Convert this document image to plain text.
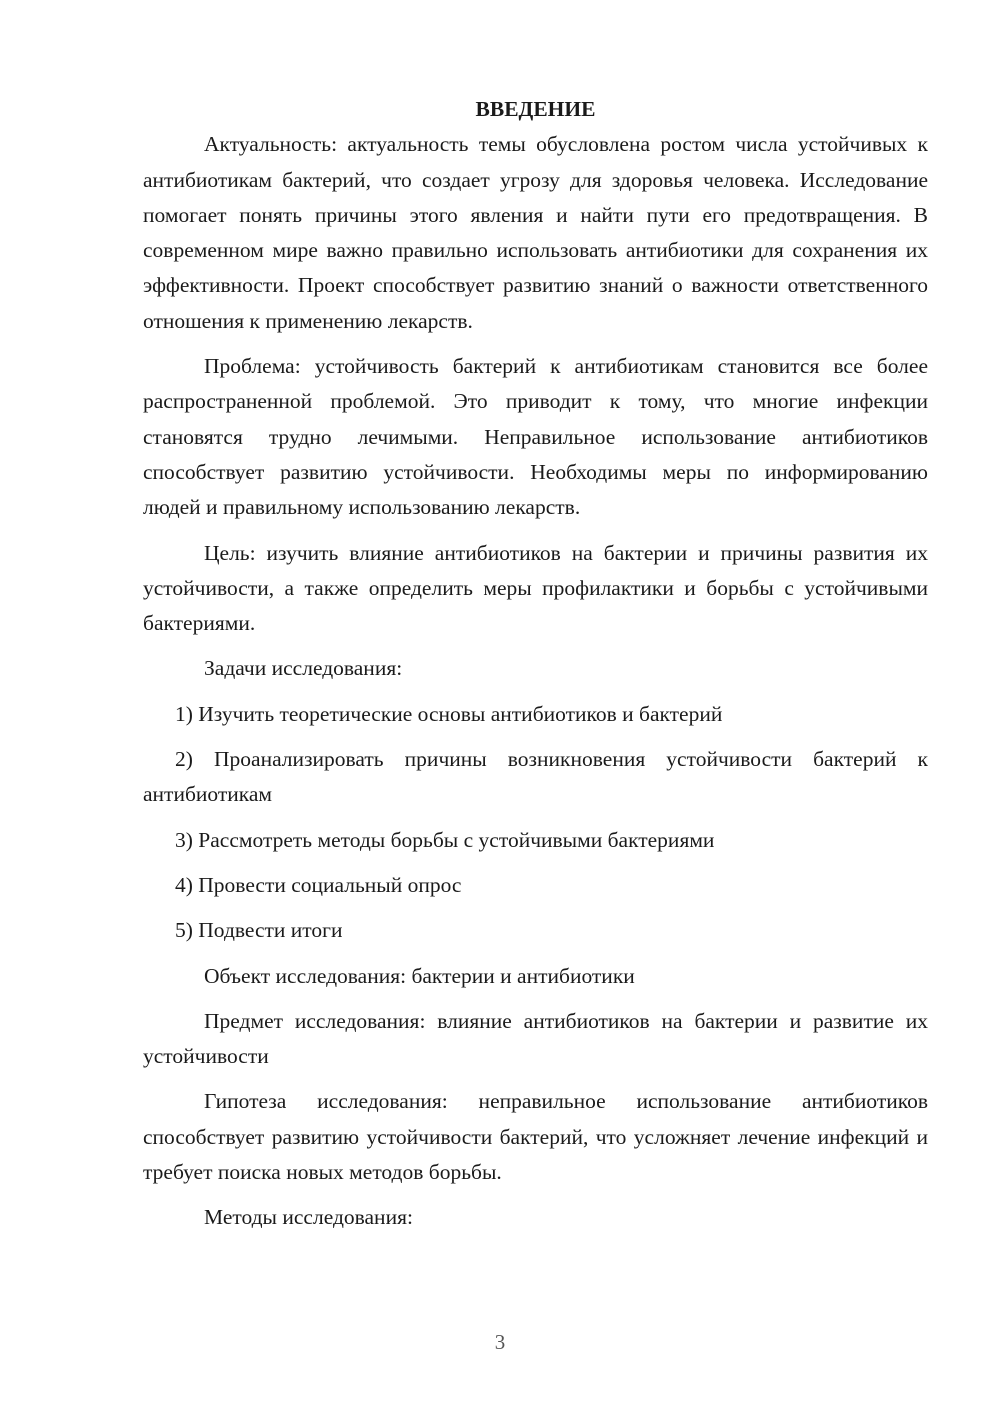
ВВЕДЕНИЕ

Актуальность: актуальность темы обусловлена ростом числа устойчивых к антибиотикам бактерий, что создает угрозу для здоровья человека. Исследование помогает понять причины этого явления и найти пути его предотвращения. В современном мире важно правильно использовать антибиотики для сохранения их эффективности. Проект способствует развитию знаний о важности ответственного отношения к применению лекарств.

Проблема: устойчивость бактерий к антибиотикам становится все более распространенной проблемой. Это приводит к тому, что многие инфекции становятся трудно лечимыми. Неправильное использование антибиотиков способствует развитию устойчивости. Необходимы меры по информированию людей и правильному использованию лекарств.

Цель: изучить влияние антибиотиков на бактерии и причины развития их устойчивости, а также определить меры профилактики и борьбы с устойчивыми бактериями.

Задачи исследования:

1) Изучить теоретические основы антибиотиков и бактерий

2) Проанализировать причины возникновения устойчивости бактерий к антибиотикам

3) Рассмотреть методы борьбы с устойчивыми бактериями

4) Провести социальный опрос

5) Подвести итоги

Объект исследования: бактерии и антибиотики

Предмет исследования: влияние антибиотиков на бактерии и развитие их устойчивости

Гипотеза исследования: неправильное использование антибиотиков способствует развитию устойчивости бактерий, что усложняет лечение инфекций и требует поиска новых методов борьбы.

Методы исследования:

3
